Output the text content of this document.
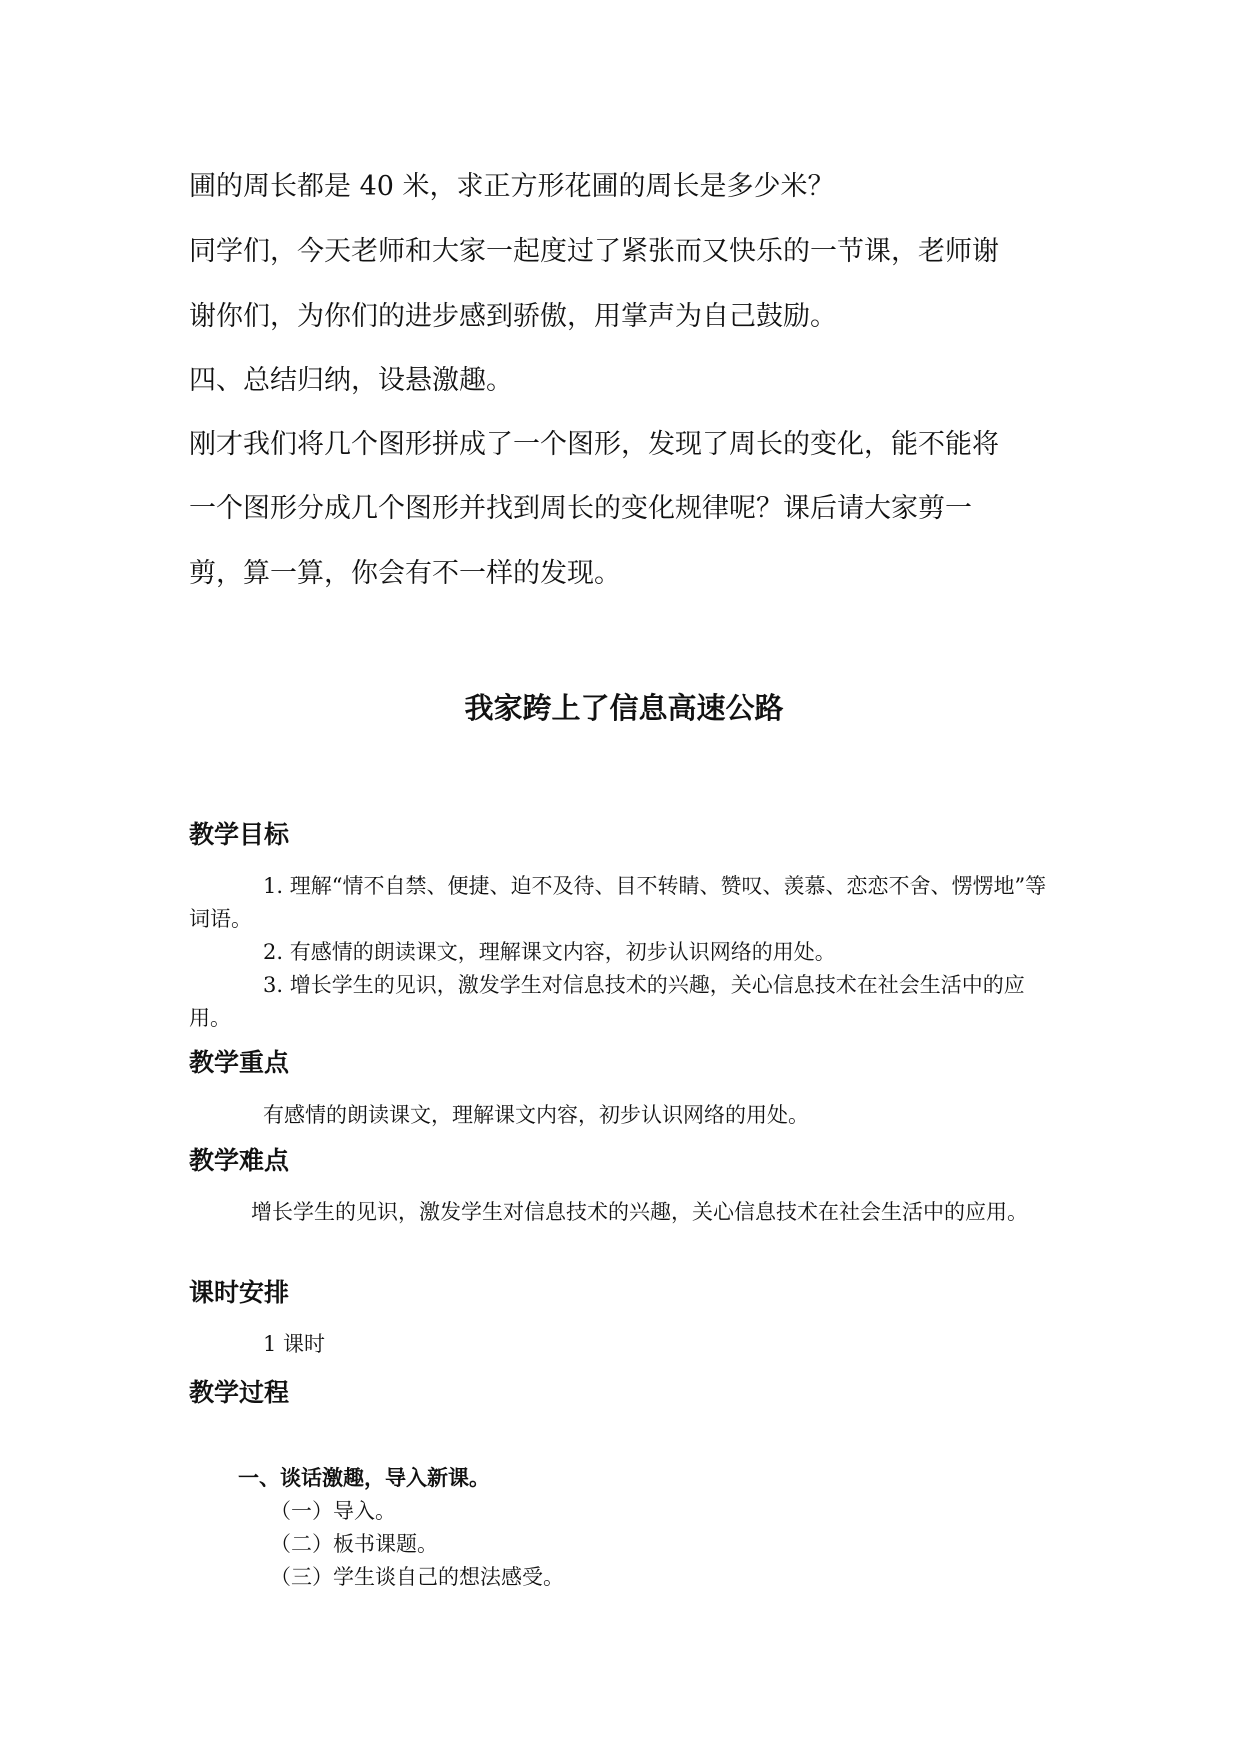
圃的周长都是 40 米，求正方形花圃的周长是多少米？

同学们，今天老师和大家一起度过了紧张而又快乐的一节课，老师谢

谢你们，为你们的进步感到骄傲，用掌声为自己鼓励。

四、总结归纳，设悬激趣。

刚才我们将几个图形拼成了一个图形，发现了周长的变化，能不能将

一个图形分成几个图形并找到周长的变化规律呢？课后请大家剪一

剪，算一算，你会有不一样的发现。

我家跨上了信息高速公路
教学目标

1. 理解“情不自禁、便捷、迫不及待、目不转睛、赞叹、羡慕、恋恋不舍、愣愣地”等词语。

2. 有感情的朗读课文，理解课文内容，初步认识网络的用处。

3. 增长学生的见识，激发学生对信息技术的兴趣，关心信息技术在社会生活中的应用。

教学重点

有感情的朗读课文，理解课文内容，初步认识网络的用处。

教学难点

增长学生的见识，激发学生对信息技术的兴趣，关心信息技术在社会生活中的应用。

课时安排

1 课时

教学过程

一、谈话激趣，导入新课。

（一）导入。

（二）板书课题。

（三）学生谈自己的想法感受。
